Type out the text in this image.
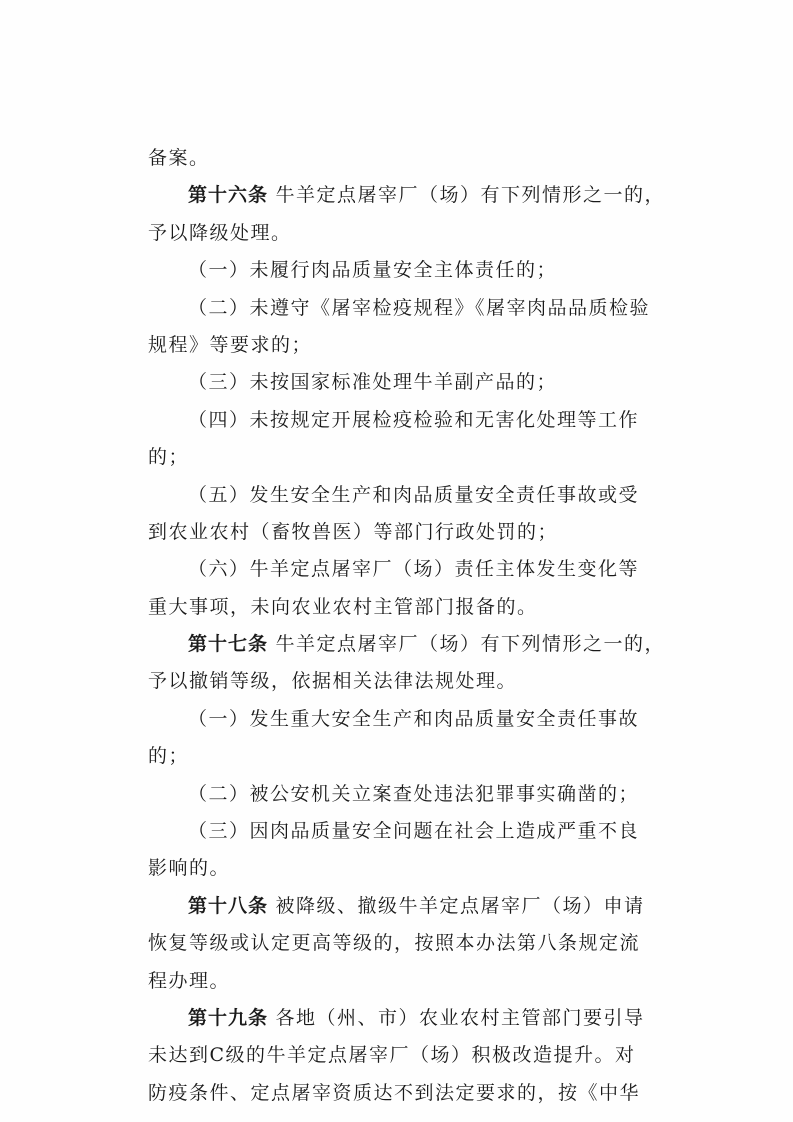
备案。
第十六条 牛羊定点屠宰厂（场）有下列情形之一的，
予以降级处理。
（一）未履行肉品质量安全主体责任的；
（二）未遵守《屠宰检疫规程》《屠宰肉品品质检验
规程》等要求的；
（三）未按国家标准处理牛羊副产品的；
（四）未按规定开展检疫检验和无害化处理等工作
的；
（五）发生安全生产和肉品质量安全责任事故或受
到农业农村（畜牧兽医）等部门行政处罚的；
（六）牛羊定点屠宰厂（场）责任主体发生变化等
重大事项，未向农业农村主管部门报备的。
第十七条 牛羊定点屠宰厂（场）有下列情形之一的，
予以撤销等级，依据相关法律法规处理。
（一）发生重大安全生产和肉品质量安全责任事故
的；
（二）被公安机关立案查处违法犯罪事实确凿的；
（三）因肉品质量安全问题在社会上造成严重不良
影响的。
第十八条 被降级、撤级牛羊定点屠宰厂（场）申请
恢复等级或认定更高等级的，按照本办法第八条规定流
程办理。
第十九条 各地（州、市）农业农村主管部门要引导
未达到C级的牛羊定点屠宰厂（场）积极改造提升。对
防疫条件、定点屠宰资质达不到法定要求的，按《中华
